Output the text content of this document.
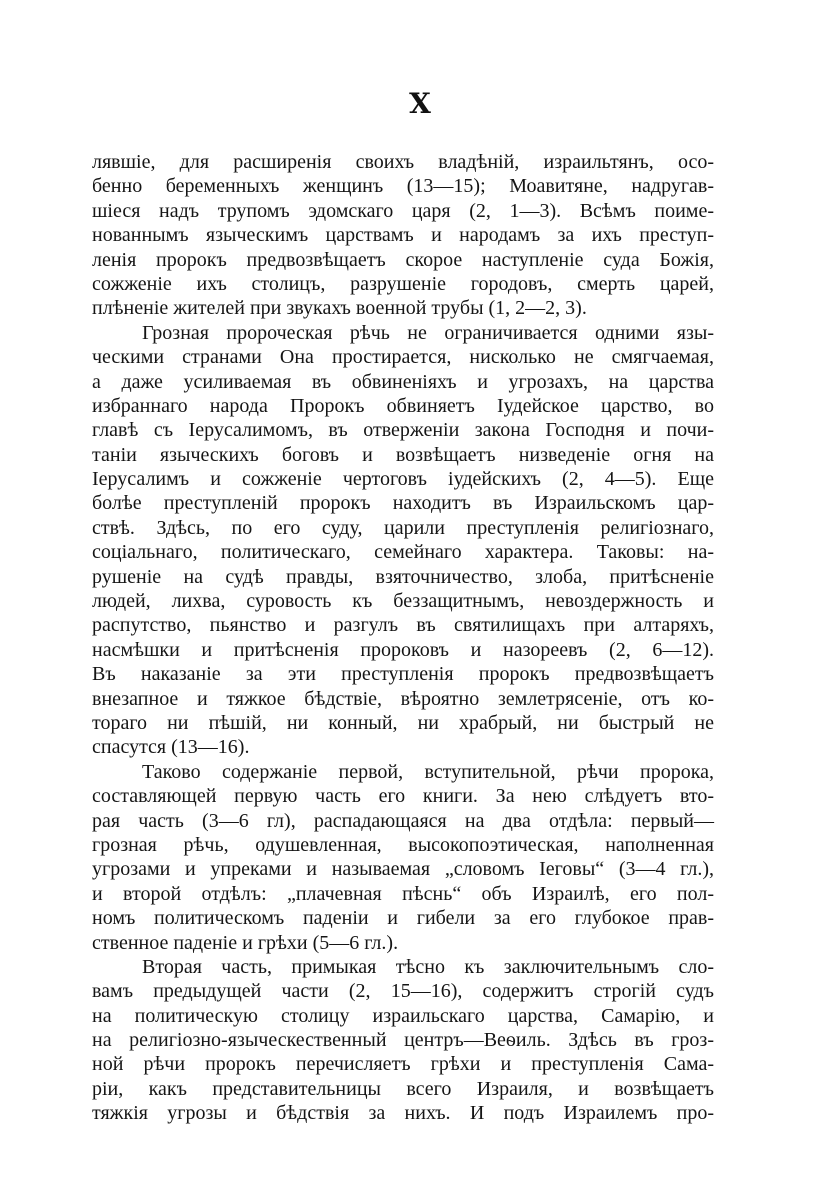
X
лявшіе, для расширенія своихъ владѣній, израильтянъ, осо-
бенно беременныхъ женщинъ (13—15); Моавитяне, надругав-
шіеся надъ трупомъ эдомскаго царя (2, 1—3). Всѣмъ поиме-
нованнымъ языческимъ царствамъ и народамъ за ихъ преступ-
ленія пророкъ предвозвѣщаетъ скорое наступленіе суда Божія,
сожженіе ихъ столицъ, разрушеніе городовъ, смерть царей,
плѣненіе жителей при звукахъ военной трубы (1, 2—2, 3).
Грозная пророческая рѣчь не ограничивается одними язы-
ческими странами Она простирается, нисколько не смягчаемая,
а даже усиливаемая въ обвиненіяхъ и угрозахъ, на царства
избраннаго народа Пророкъ обвиняетъ Іудейское царство, во
главѣ съ Іерусалимомъ, въ отверженіи закона Господня и почи-
таніи языческихъ боговъ и возвѣщаетъ низведеніе огня на
Іерусалимъ и сожженіе чертоговъ іудейскихъ (2, 4—5). Еще
болѣе преступленій пророкъ находитъ въ Израильскомъ цар-
ствѣ. Здѣсь, по его суду, царили преступленія религіознаго,
соціальнаго, политическаго, семейнаго характера. Таковы: на-
рушеніе на судѣ правды, взяточничество, злоба, притѣсненіе
людей, лихва, суровость къ беззащитнымъ, невоздержность и
распутство, пьянство и разгулъ въ святилищахъ при алтаряхъ,
насмѣшки и притѣсненія пророковъ и назореевъ (2, 6—12).
Въ наказаніе за эти преступленія пророкъ предвозвѣщаетъ
внезапное и тяжкое бѣдствіе, вѣроятно землетрясеніе, отъ ко-
тораго ни пѣшій, ни конный, ни храбрый, ни быстрый не
спасутся (13—16).
Таково содержаніе первой, вступительной, рѣчи пророка,
составляющей первую часть его книги. За нею слѣдуетъ вто-
рая часть (3—6 гл), распадающаяся на два отдѣла: первый—
грозная рѣчь, одушевленная, высокопоэтическая, наполненная
угрозами и упреками и называемая „словомъ Іеговы“ (3—4 гл.),
и второй отдѣлъ: „плачевная пѣснь“ объ Израилѣ, его пол-
номъ политическомъ паденіи и гибели за его глубокое прав-
ственное паденіе и грѣхи (5—6 гл.).
Вторая часть, примыкая тѣсно къ заключительнымъ сло-
вамъ предыдущей части (2, 15—16), содержитъ строгій судъ
на политическую столицу израильскаго царства, Самарію, и
на религіозно-языческественный центръ—Веѳиль. Здѣсь въ грoз-
ной рѣчи пророкъ перечисляетъ грѣхи и преступленія Сама-
ріи, какъ представительницы всего Израиля, и возвѣщаетъ
тяжкія угрозы и бѣдствія за нихъ. И подъ Израилемъ про-
